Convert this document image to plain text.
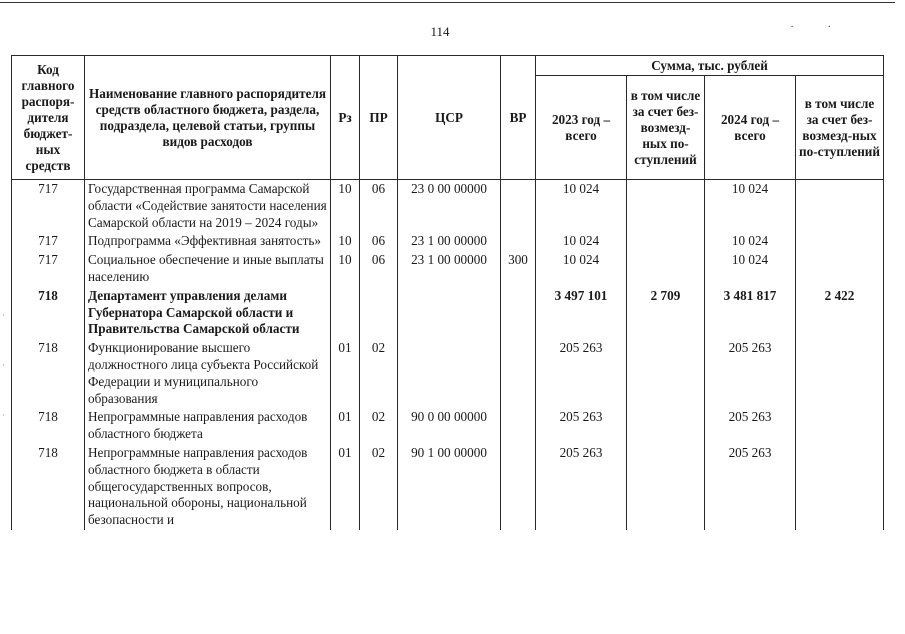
114	··
·
·
·
Код главного распоря-дителя бюджет-ных средств	Наименование главного распорядителя средств областного бюджета, раздела, подраздела, целевой статьи, группы видов расходов	Рз	ПР	ЦСР	ВР	Сумма, тыс. рублей			
						2023 год – всего	в том числе за счет без-возмезд-ных по-ступлений	2024 год – всего	в том числе за счет без-возмезд-ных по-ступлений
717	Государственная программа Самарской области «Содействие занятости населения Самарской области на 2019 – 2024 годы»	10	06	23 0 00 00000		10 024		10 024	
717	Подпрограмма «Эффективная занятость»	10	06	23 1 00 00000		10 024		10 024	
717	Социальное обеспечение и иные выплаты населению	10	06	23 1 00 00000	300	10 024		10 024	
718	Департамент управления делами Губернатора Самарской области и Правительства Самарской области					3 497 101	2 709	3 481 817	2 422
718	Функционирование высшего должностного лица субъекта Российской Федерации и муниципального образования	01	02			205 263		205 263	
718	Непрограммные направления расходов областного бюджета	01	02	90 0 00 00000		205 263		205 263	
718	Непрограммные направления расходов областного бюджета в области общегосударственных вопросов, национальной обороны, национальной безопасности и	01	02	90 1 00 00000		205 263		205 263	
